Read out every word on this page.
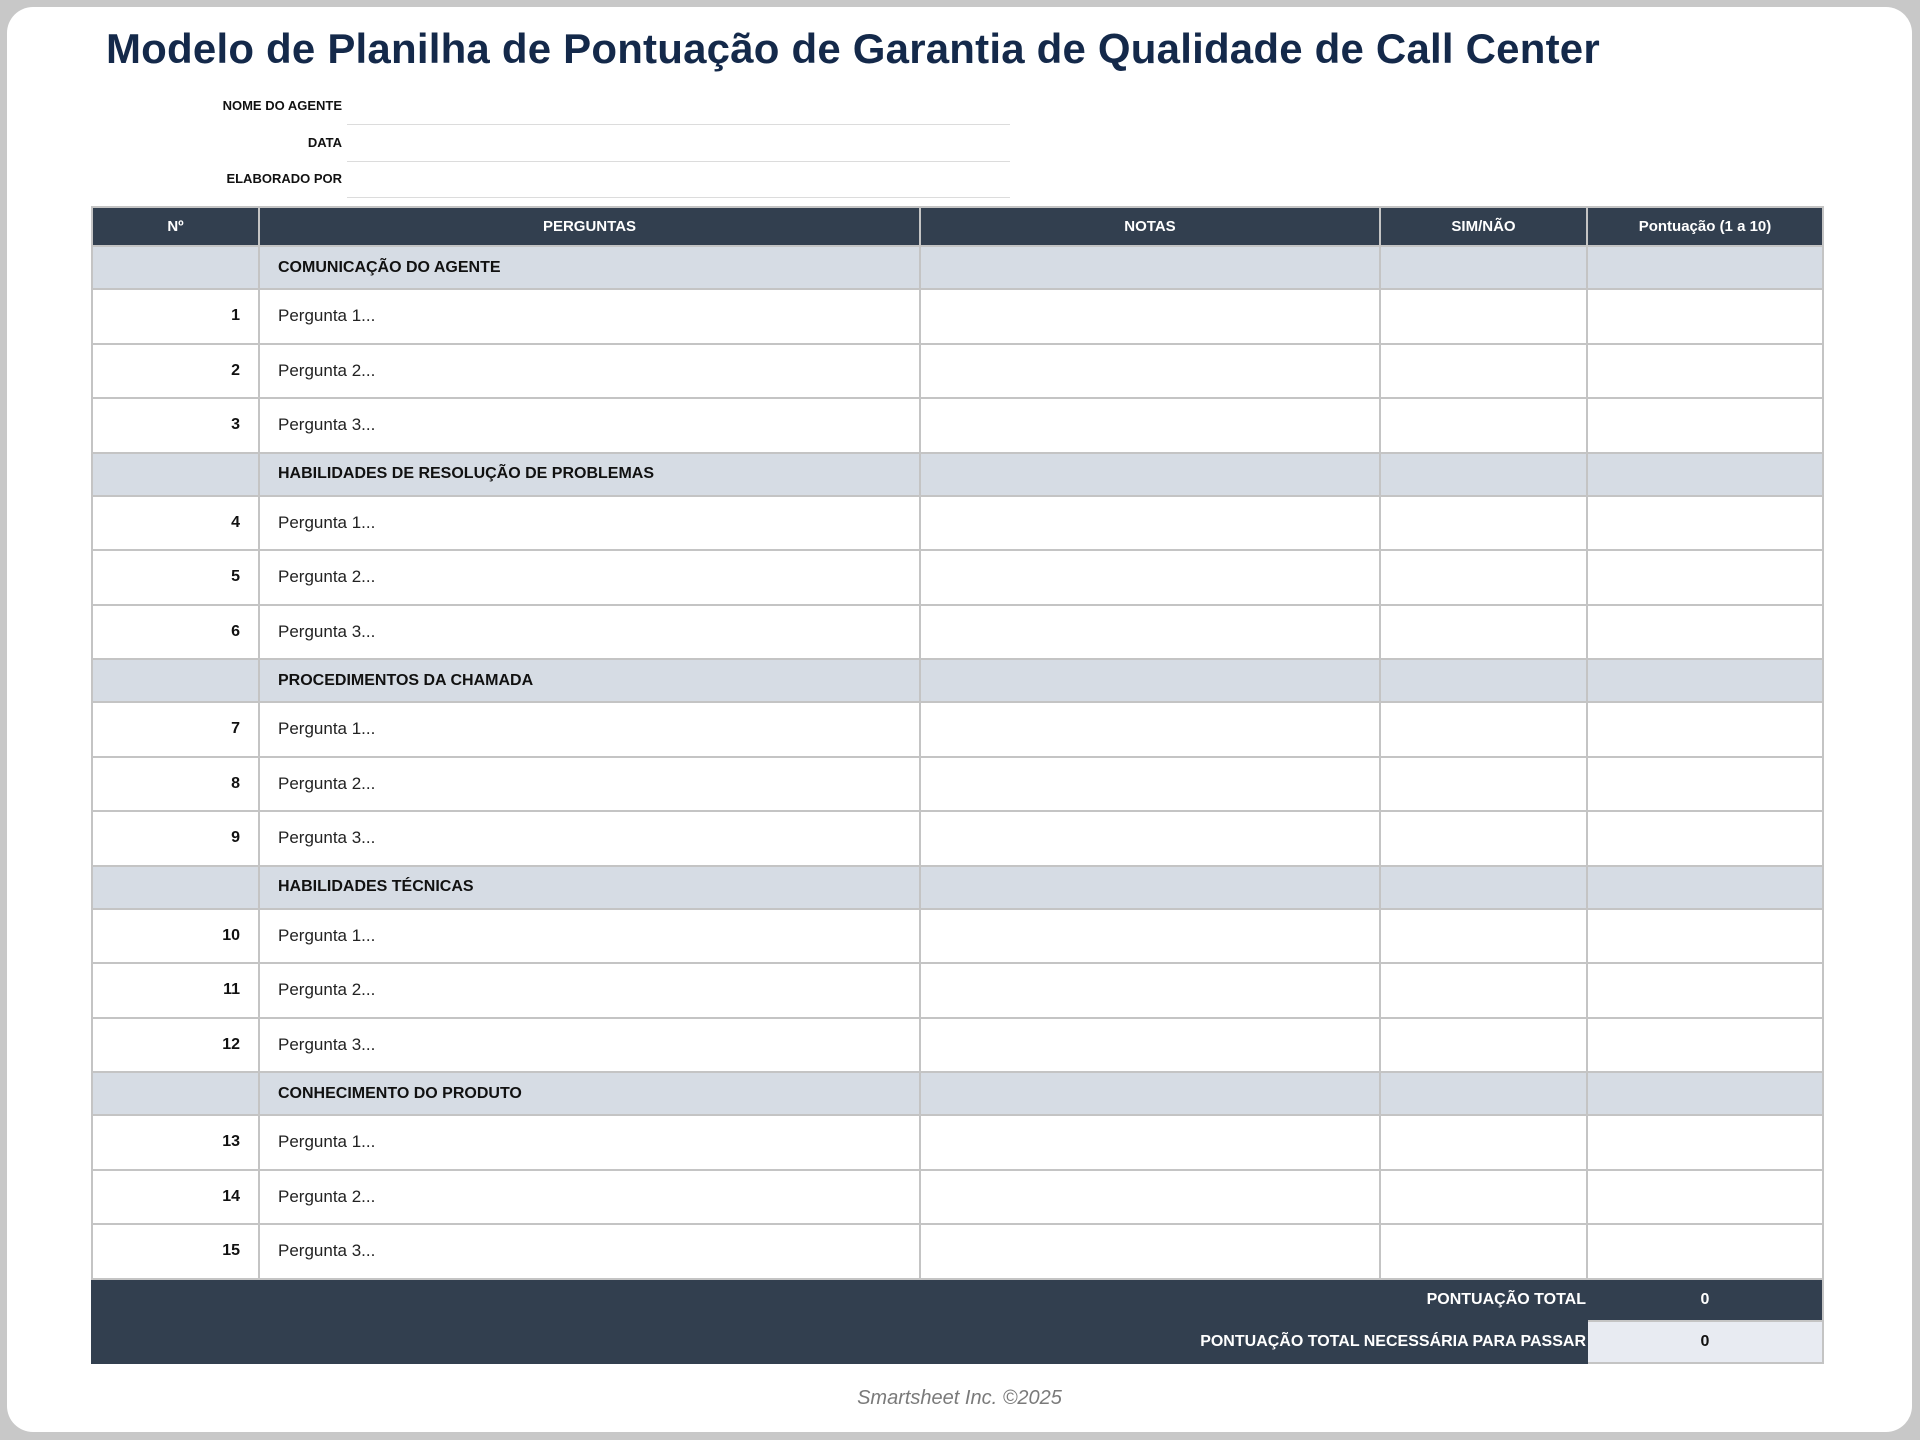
Modelo de Planilha de Pontuação de Garantia de Qualidade de Call Center
NOME DO AGENTE
DATA
ELABORADO POR
Nº	PERGUNTAS	NOTAS	SIM/NÃO	Pontuação (1 a 10)
	COMUNICAÇÃO DO AGENTE			
1	Pergunta 1...			
2	Pergunta 2...			
3	Pergunta 3...			
	HABILIDADES DE RESOLUÇÃO DE PROBLEMAS			
4	Pergunta 1...			
5	Pergunta 2...			
6	Pergunta 3...			
	PROCEDIMENTOS DA CHAMADA			
7	Pergunta 1...			
8	Pergunta 2...			
9	Pergunta 3...			
	HABILIDADES TÉCNICAS			
10	Pergunta 1...			
11	Pergunta 2...			
12	Pergunta 3...			
	CONHECIMENTO DO PRODUTO			
13	Pergunta 1...			
14	Pergunta 2...			
15	Pergunta 3...			
PONTUAÇÃO TOTAL				0
PONTUAÇÃO TOTAL NECESSÁRIA PARA PASSAR				0
Smartsheet Inc. ©2025
